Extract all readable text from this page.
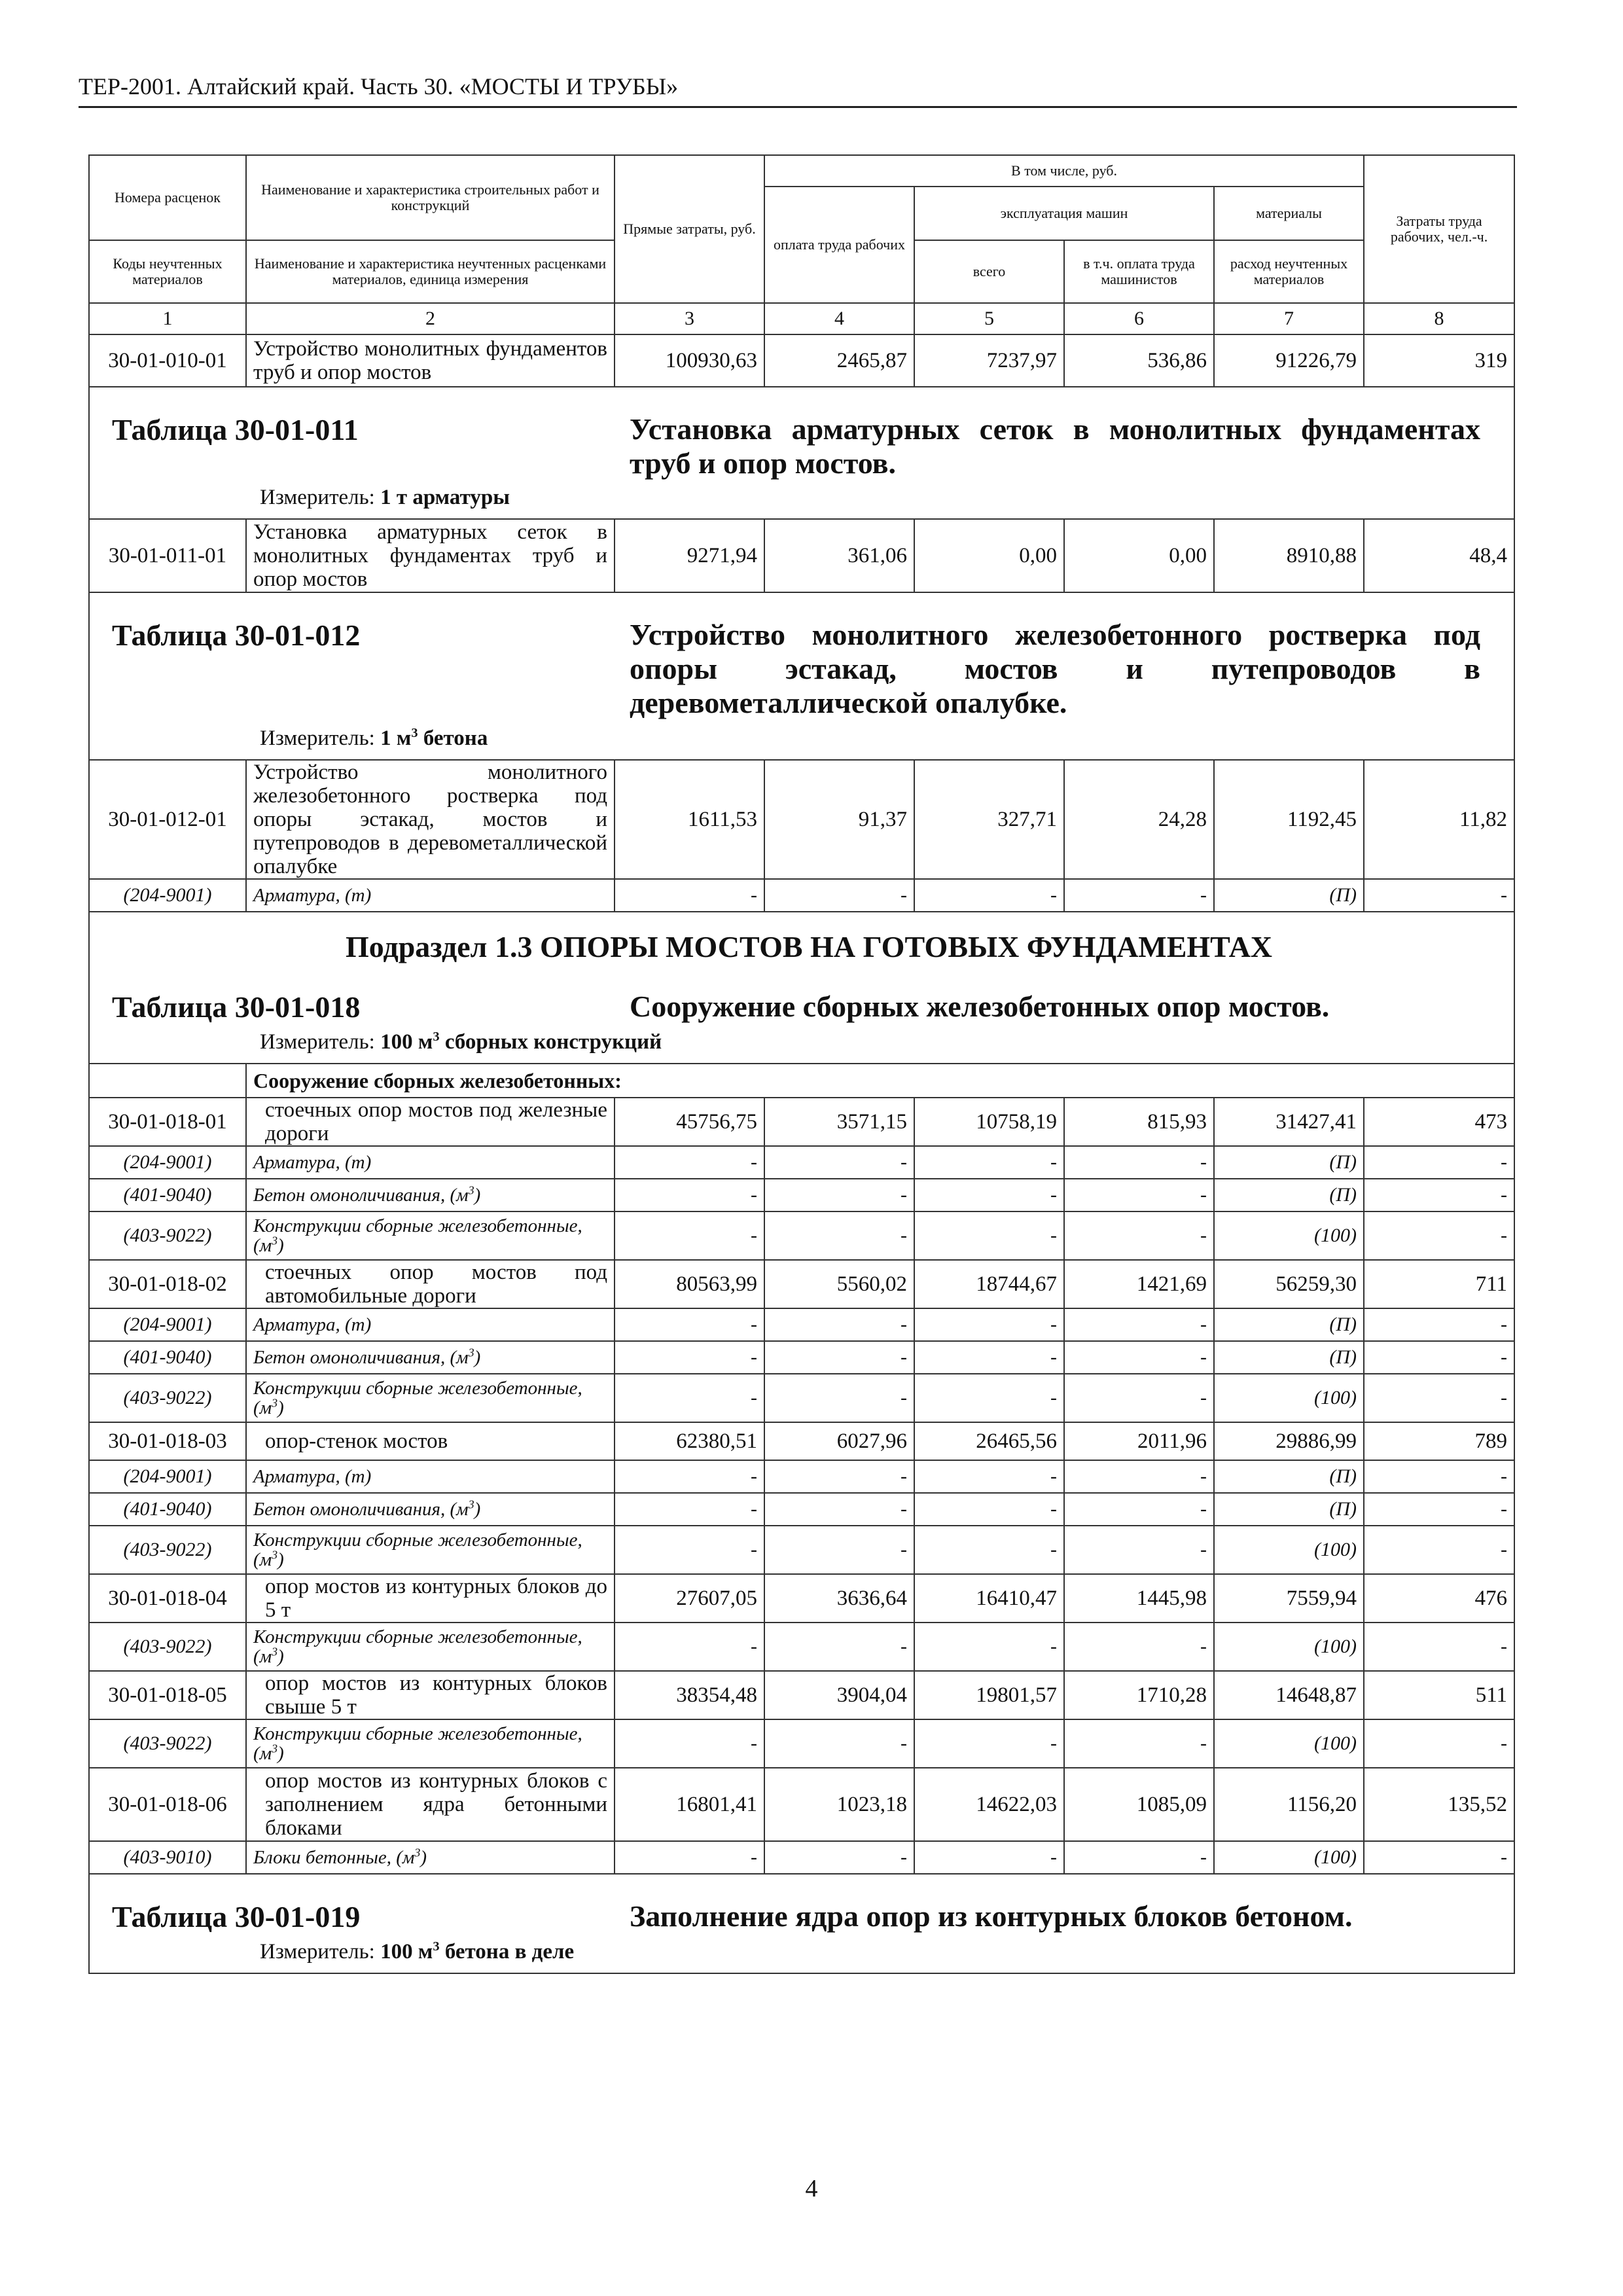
ТЕР-2001. Алтайский край. Часть 30. «МОСТЫ И ТРУБЫ»
Номера расценок	Наименование и характеристика строительных работ и конструкций	Прямые затраты, руб.	В том числе, руб.				Затраты труда рабочих, чел.-ч.
			оплата труда рабочих	эксплуатация машин		материалы	
Коды неучтенных материалов	Наименование и характеристика неучтенных расценками материалов, единица измерения			всего	в т.ч. оплата труда машинистов	расход неучтенных материалов	
1	2	3	4	5	6	7	8
30-01-010-01	Устройство монолитных фундаментов труб и опор мостов	100930,63	2465,87	7237,97	536,86	91226,79	319

Таблица 30-01-011 Установка арматурных сеток в монолитных фундаментах труб и опор мостов.
Измеритель: 1 т арматуры							

30-01-011-01	Установка арматурных сеток в монолитных фундаментах труб и опор мостов	9271,94	361,06	0,00	0,00	8910,88	48,4

Таблица 30-01-012 Устройство монолитного железобетонного ростверка под опоры эстакад, мостов и путепроводов в деревометаллической опалубке.
Измеритель: 1 $м^3$ бетона							

30-01-012-01	Устройство монолитного железобетонного ростверка под опоры эстакад, мостов и путепроводов в деревометаллической опалубке	1611,53	91,37	327,71	24,28	1192,45	11,82
(204-9001)	Арматура, (т)	-	-	-	-	(П)	-

Подраздел 1.3 ОПОРЫ МОСТОВ НА ГОТОВЫХ ФУНДАМЕНТАХ
Таблица 30-01-018 Сооружение сборных железобетонных опор мостов.
Измеритель: 100 $м^3$ сборных конструкций							

	Сооружение сборных железобетонных:						
30-01-018-01	стоечных опор мостов под железные дороги	45756,75	3571,15	10758,19	815,93	31427,41	473
(204-9001)	Арматура, (т)	-	-	-	-	(П)	-
(401-9040)	Бетон омоноличивания, $(м^3)$	-	-	-	-	(П)	-
(403-9022)	Конструкции сборные железобетонные, $(м^3)$	-	-	-	-	(100)	-
30-01-018-02	стоечных опор мостов под автомобильные дороги	80563,99	5560,02	18744,67	1421,69	56259,30	711
(204-9001)	Арматура, (т)	-	-	-	-	(П)	-
(401-9040)	Бетон омоноличивания, $(м^3)$	-	-	-	-	(П)	-
(403-9022)	Конструкции сборные железобетонные, $(м^3)$	-	-	-	-	(100)	-
30-01-018-03	опор-стенок мостов	62380,51	6027,96	26465,56	2011,96	29886,99	789
(204-9001)	Арматура, (т)	-	-	-	-	(П)	-
(401-9040)	Бетон омоноличивания, $(м^3)$	-	-	-	-	(П)	-
(403-9022)	Конструкции сборные железобетонные, $(м^3)$	-	-	-	-	(100)	-
30-01-018-04	опор мостов из контурных блоков до 5 т	27607,05	3636,64	16410,47	1445,98	7559,94	476
(403-9022)	Конструкции сборные железобетонные, $(м^3)$	-	-	-	-	(100)	-
30-01-018-05	опор мостов из контурных блоков свыше 5 т	38354,48	3904,04	19801,57	1710,28	14648,87	511
(403-9022)	Конструкции сборные железобетонные, $(м^3)$	-	-	-	-	(100)	-
30-01-018-06	опор мостов из контурных блоков с заполнением ядра бетонными блоками	16801,41	1023,18	14622,03	1085,09	1156,20	135,52
(403-9010)	Блоки бетонные, $(м^3)$	-	-	-	-	(100)	-

Таблица 30-01-019 Заполнение ядра опор из контурных блоков бетоном.
Измеритель: 100 $м^3$ бетона в деле							
4
